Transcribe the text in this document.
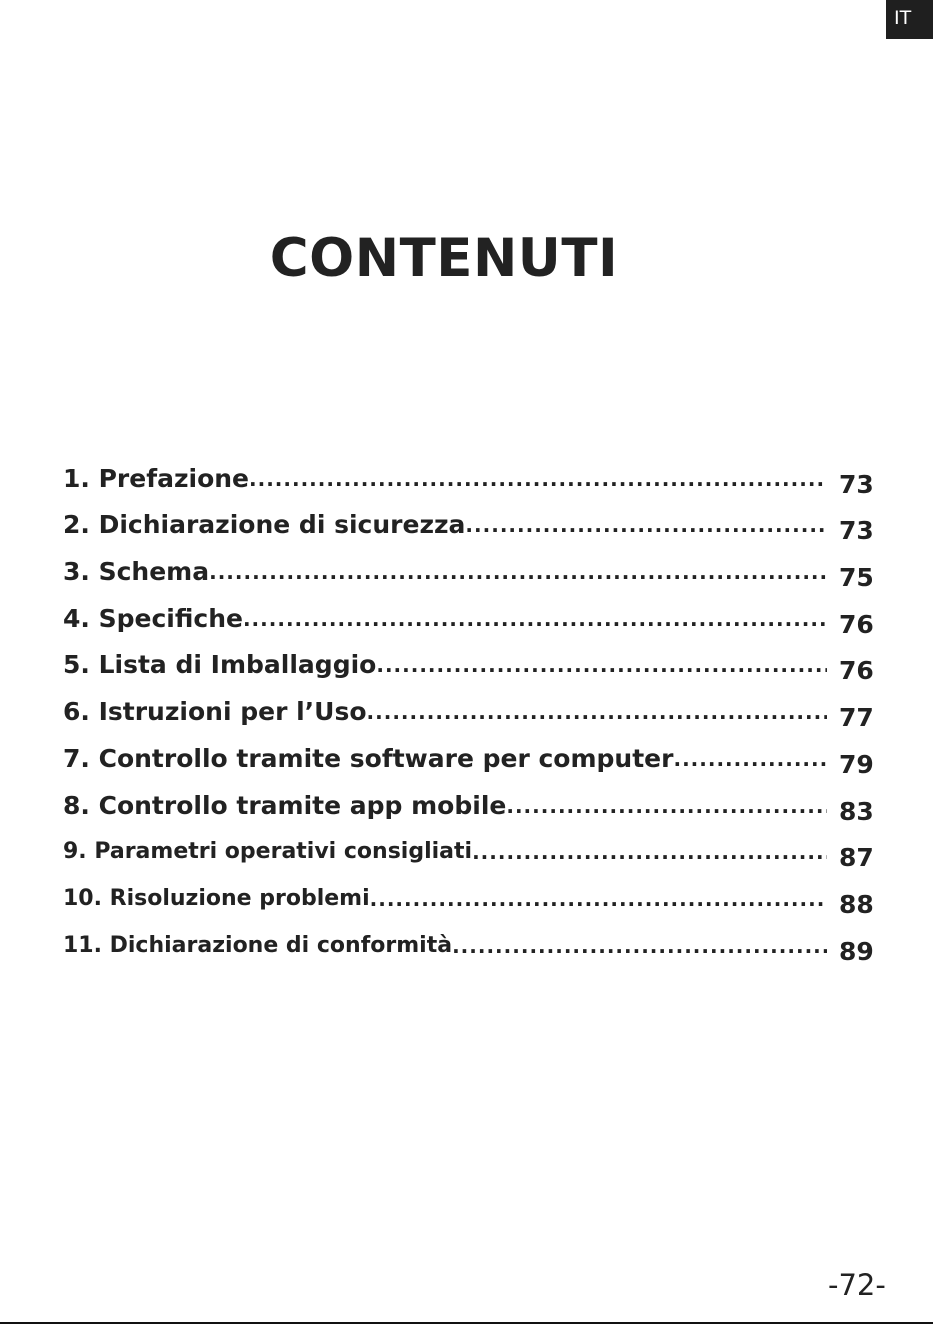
IT
CONTENUTI
1. Prefazione .....	73
2. Dichiarazione di sicurezza .....	73
3. Schema .....	75
4. Specifiche .....	76
5. Lista di Imballaggio .....	76
6. Istruzioni per l’Uso .....	77
7. Controllo tramite software per computer .....	79
8. Controllo tramite app mobile .....	83
9. Parametri operativi consigliati .....	87
10. Risoluzione problemi .....	88
11. Dichiarazione di conformità .....	89
-72-
